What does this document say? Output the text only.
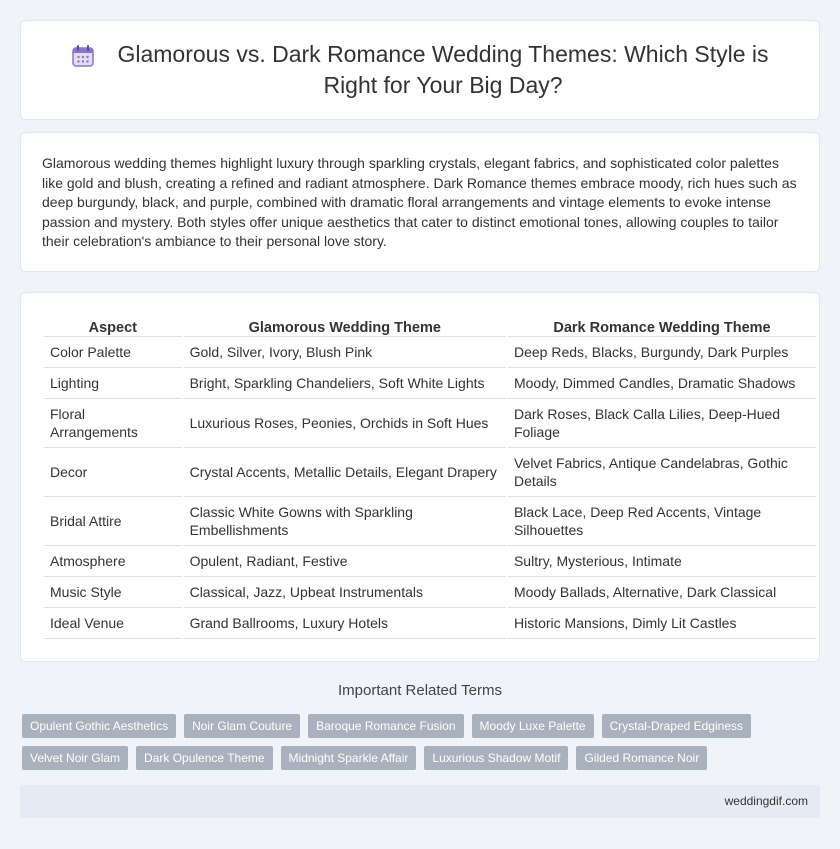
Glamorous vs. Dark Romance Wedding Themes: Which Style is Right for Your Big Day?

Glamorous wedding themes highlight luxury through sparkling crystals, elegant fabrics, and sophisticated color palettes like gold and blush, creating a refined and radiant atmosphere. Dark Romance themes embrace moody, rich hues such as deep burgundy, black, and purple, combined with dramatic floral arrangements and vintage elements to evoke intense passion and mystery. Both styles offer unique aesthetics that cater to distinct emotional tones, allowing couples to tailor their celebration's ambiance to their personal love story.

Aspect	Glamorous Wedding Theme	Dark Romance Wedding Theme
Color Palette	Gold, Silver, Ivory, Blush Pink	Deep Reds, Blacks, Burgundy, Dark Purples
Lighting	Bright, Sparkling Chandeliers, Soft White Lights	Moody, Dimmed Candles, Dramatic Shadows
Floral Arrangements	Luxurious Roses, Peonies, Orchids in Soft Hues	Dark Roses, Black Calla Lilies, Deep-Hued Foliage
Decor	Crystal Accents, Metallic Details, Elegant Drapery	Velvet Fabrics, Antique Candelabras, Gothic Details
Bridal Attire	Classic White Gowns with Sparkling Embellishments	Black Lace, Deep Red Accents, Vintage Silhouettes
Atmosphere	Opulent, Radiant, Festive	Sultry, Mysterious, Intimate
Music Style	Classical, Jazz, Upbeat Instrumentals	Moody Ballads, Alternative, Dark Classical
Ideal Venue	Grand Ballrooms, Luxury Hotels	Historic Mansions, Dimly Lit Castles
Important Related Terms
Opulent Gothic Aesthetics	Noir Glam Couture	Baroque Romance Fusion	Moody Luxe Palette	Crystal-Draped Edginess
Velvet Noir Glam	Dark Opulence Theme	Midnight Sparkle Affair	Luxurious Shadow Motif	Gilded Romance Noir
weddingdif.com
